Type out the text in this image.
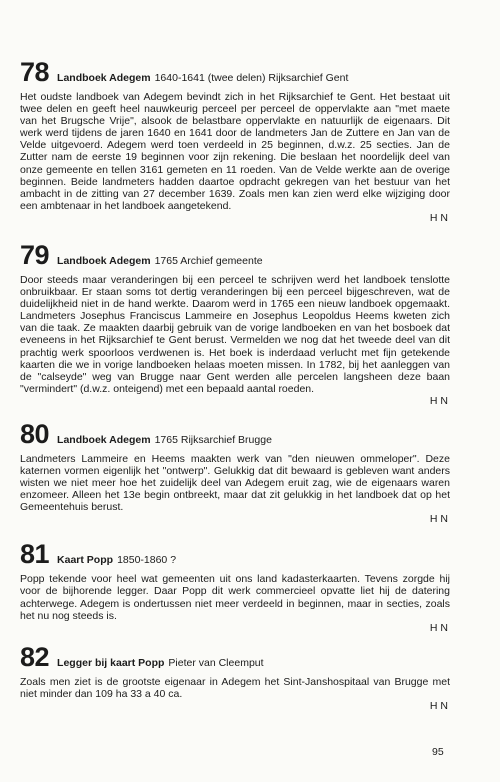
78 Landboek Adegem 1640-1641 (twee delen) Rijksarchief Gent
Het oudste landboek van Adegem bevindt zich in het Rijksarchief te Gent. Het bestaat uit twee delen en geeft heel nauwkeurig perceel per perceel de oppervlakte aan "met maete van het Brugsche Vrije", alsook de belastbare oppervlakte en natuurlijk de eigenaars. Dit werk werd tijdens de jaren 1640 en 1641 door de landmeters Jan de Zuttere en Jan van de Velde uitgevoerd. Adegem werd toen verdeeld in 25 beginnen, d.w.z. 25 secties. Jan de Zutter nam de eerste 19 beginnen voor zijn rekening. Die beslaan het noordelijk deel van onze gemeente en tellen 3161 gemeten en 11 roeden. Van de Velde werkte aan de overige beginnen. Beide landmeters hadden daartoe opdracht gekregen van het bestuur van het ambacht in de zitting van 27 december 1639. Zoals men kan zien werd elke wijziging door een ambtenaar in het landboek aangetekend.
H N
79 Landboek Adegem 1765 Archief gemeente
Door steeds maar veranderingen bij een perceel te schrijven werd het landboek tenslotte onbruikbaar. Er staan soms tot dertig veranderingen bij een perceel bijgeschreven, wat de duidelijkheid niet in de hand werkte. Daarom werd in 1765 een nieuw landboek opgemaakt. Landmeters Josephus Franciscus Lammeire en Josephus Leopoldus Heems kweten zich van die taak. Ze maakten daarbij gebruik van de vorige landboeken en van het bosboek dat eveneens in het Rijksarchief te Gent berust. Vermelden we nog dat het tweede deel van dit prachtig werk spoorloos verdwenen is. Het boek is inderdaad verlucht met fijn getekende kaarten die we in vorige landboeken helaas moeten missen. In 1782, bij het aanleggen van de "calseyde" weg van Brugge naar Gent werden alle percelen langsheen deze baan "vermindert" (d.w.z. onteigend) met een bepaald aantal roeden.
H N
80 Landboek Adegem 1765 Rijksarchief Brugge
Landmeters Lammeire en Heems maakten werk van "den nieuwen ommeloper". Deze katernen vormen eigenlijk het "ontwerp". Gelukkig dat dit bewaard is gebleven want anders wisten we niet meer hoe het zuidelijk deel van Adegem eruit zag, wie de eigenaars waren enzomeer. Alleen het 13e begin ontbreekt, maar dat zit gelukkig in het landboek dat op het Gemeentehuis berust.
H N
81 Kaart Popp 1850-1860 ?
Popp tekende voor heel wat gemeenten uit ons land kadasterkaarten. Tevens zorgde hij voor de bijhorende legger. Daar Popp dit werk commercieel opvatte liet hij de datering achterwege. Adegem is ondertussen niet meer verdeeld in beginnen, maar in secties, zoals het nu nog steeds is.
H N
82 Legger bij kaart Popp Pieter van Cleemput
Zoals men ziet is de grootste eigenaar in Adegem het Sint-Janshospitaal van Brugge met niet minder dan 109 ha 33 a 40 ca.
H N
95
